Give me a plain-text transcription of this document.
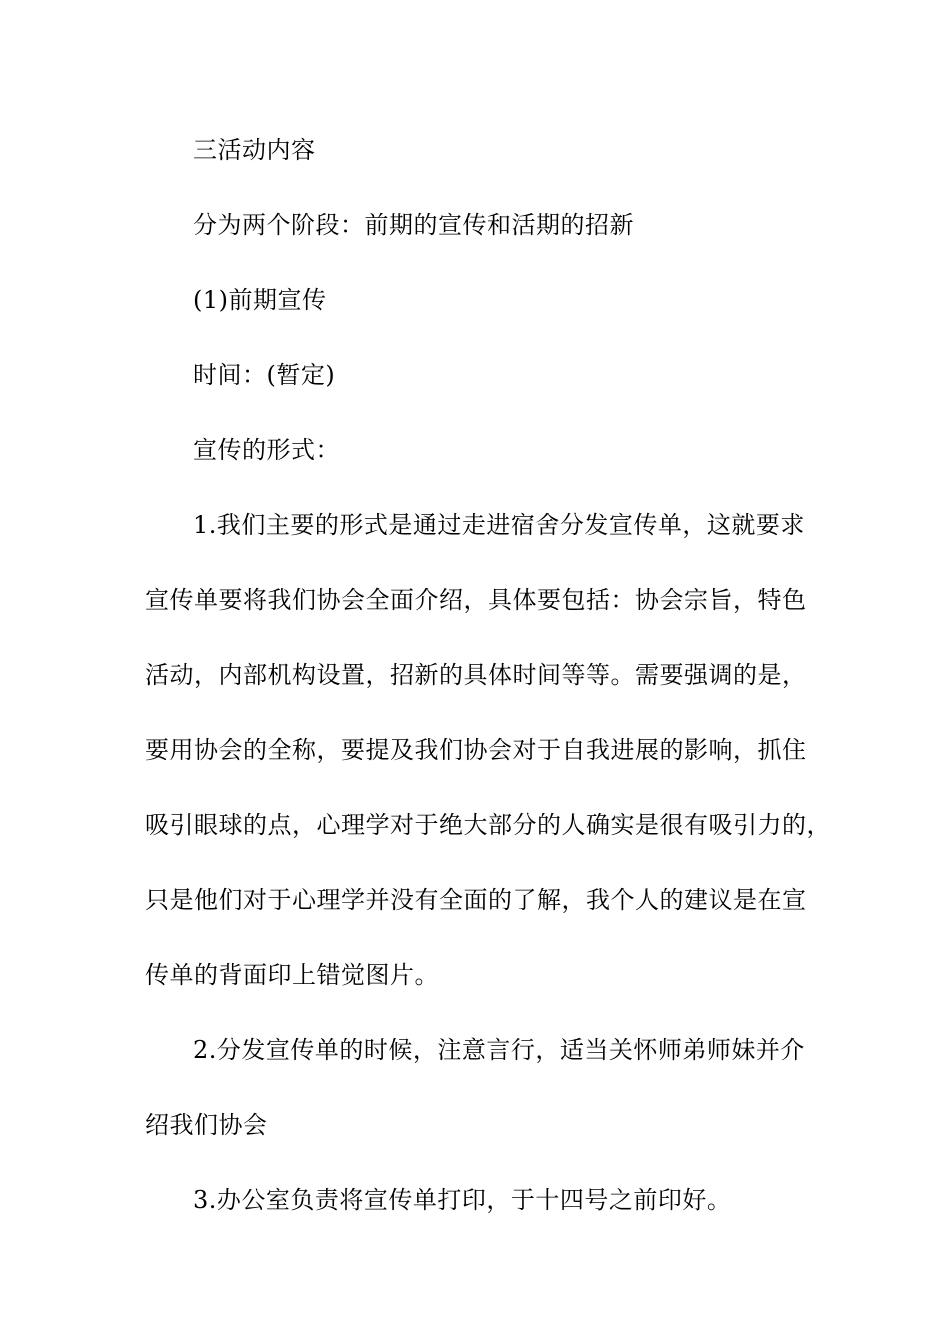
三活动内容
分为两个阶段：前期的宣传和活期的招新
(1)前期宣传
时间：(暂定)
宣传的形式：
1.我们主要的形式是通过走进宿舍分发宣传单，这就要求
宣传单要将我们协会全面介绍，具体要包括：协会宗旨，特色
活动，内部机构设置，招新的具体时间等等。需要强调的是，
要用协会的全称，要提及我们协会对于自我进展的影响，抓住
吸引眼球的点，心理学对于绝大部分的人确实是很有吸引力的，
只是他们对于心理学并没有全面的了解，我个人的建议是在宣
传单的背面印上错觉图片。
2.分发宣传单的时候，注意言行，适当关怀师弟师妹并介
绍我们协会
3.办公室负责将宣传单打印，于十四号之前印好。
